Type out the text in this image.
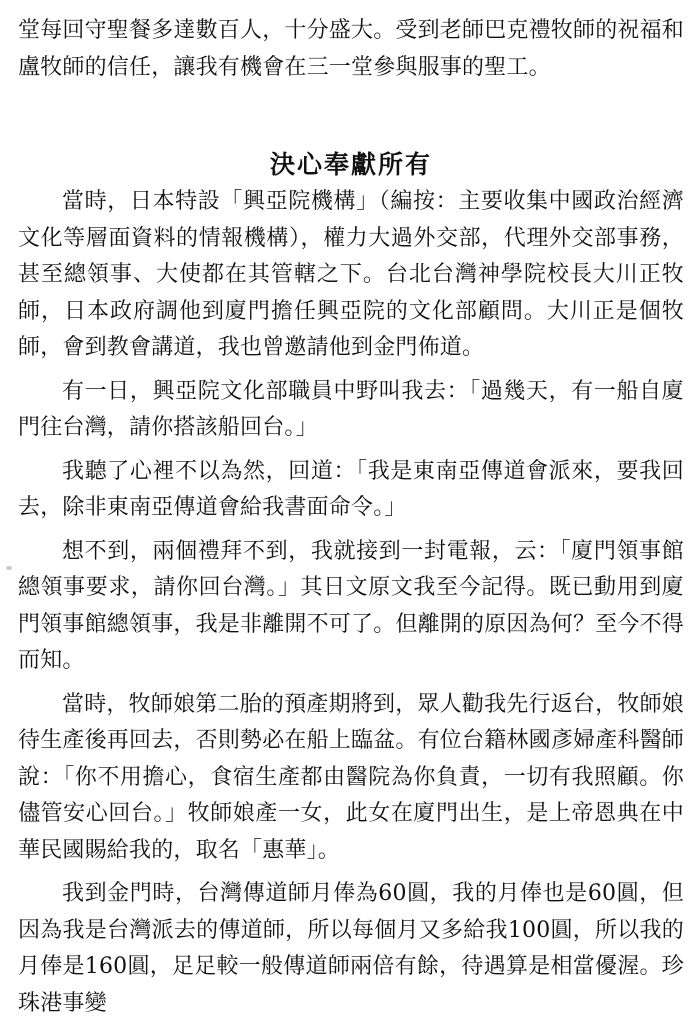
堂每回守聖餐多達數百人，十分盛大。受到老師巴克禮牧師的祝福和盧牧師的信任，讓我有機會在三一堂參與服事的聖工。

決心奉獻所有

當時，日本特設「興亞院機構」（編按：主要收集中國政治經濟文化等層面資料的情報機構），權力大過外交部，代理外交部事務，甚至總領事、大使都在其管轄之下。台北台灣神學院校長大川正牧師，日本政府調他到廈門擔任興亞院的文化部顧問。大川正是個牧師，會到教會講道，我也曾邀請他到金門佈道。

有一日，興亞院文化部職員中野叫我去：「過幾天，有一船自廈門往台灣，請你搭該船回台。」

我聽了心裡不以為然，回道：「我是東南亞傳道會派來，要我回去，除非東南亞傳道會給我書面命令。」

想不到，兩個禮拜不到，我就接到一封電報，云：「廈門領事館總領事要求，請你回台灣。」其日文原文我至今記得。既已動用到廈門領事館總領事，我是非離開不可了。但離開的原因為何？至今不得而知。

當時，牧師娘第二胎的預產期將到，眾人勸我先行返台，牧師娘待生產後再回去，否則勢必在船上臨盆。有位台籍林國彥婦產科醫師說：「你不用擔心，食宿生產都由醫院為你負責，一切有我照顧。你儘管安心回台。」牧師娘產一女，此女在廈門出生，是上帝恩典在中華民國賜給我的，取名「惠華」。

我到金門時，台灣傳道師月俸為60圓，我的月俸也是60圓，但因為我是台灣派去的傳道師，所以每個月又多給我100圓，所以我的月俸是160圓，足足較一般傳道師兩倍有餘，待遇算是相當優渥。珍珠港事變
